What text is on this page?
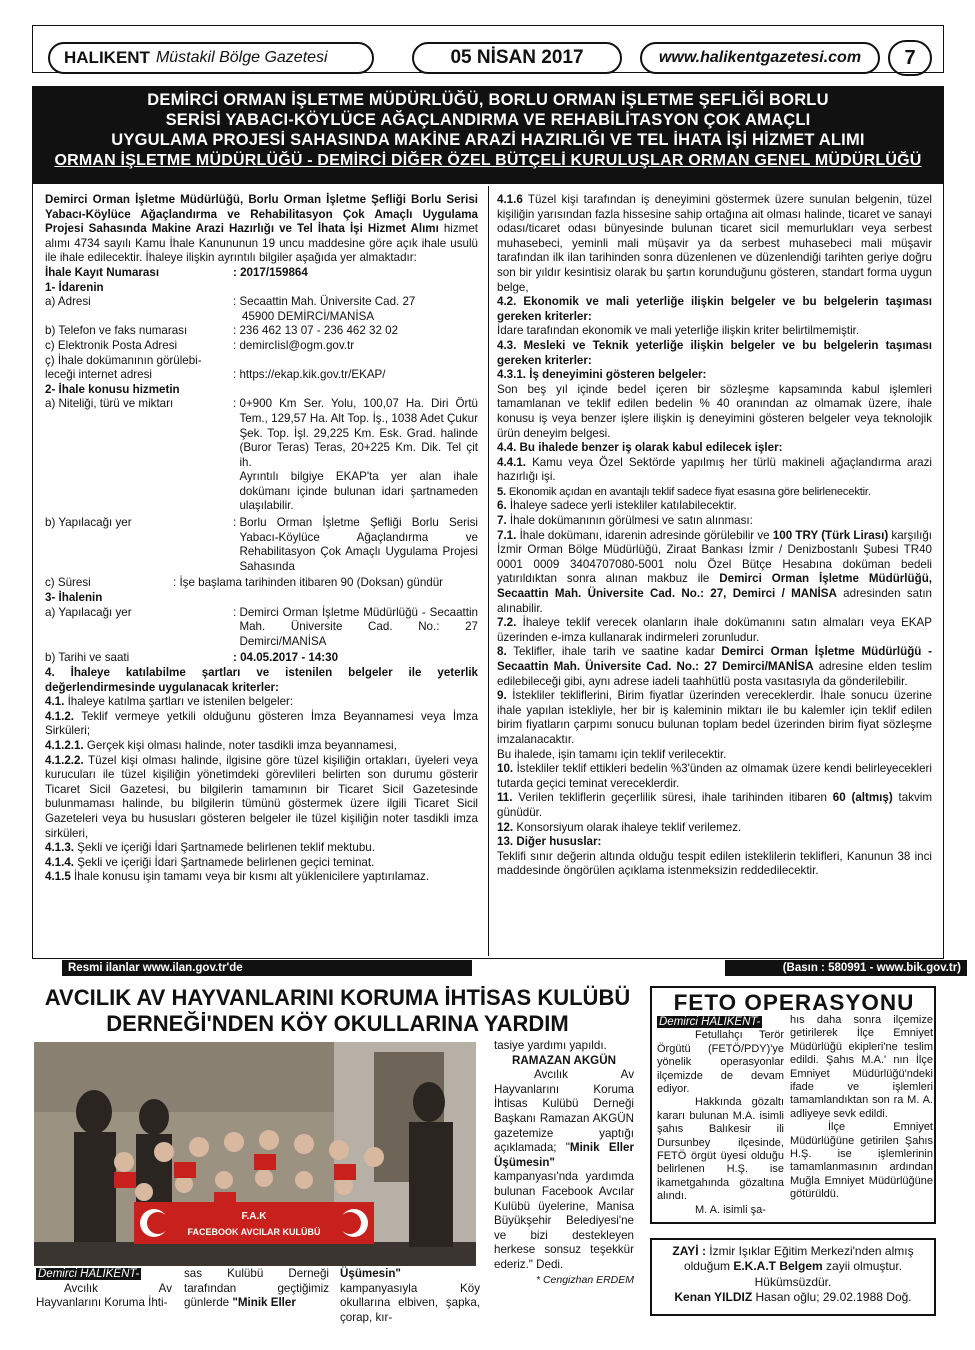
HALIKENT Müstakil Bölge Gazetesi	05 NİSAN 2017	www.halikentgazetesi.com	7
DEMİRCİ ORMAN İŞLETME MÜDÜRLÜĞÜ, BORLU ORMAN İŞLETME ŞEFLİĞİ BORLU
SERİSİ YABACI-KÖYLÜCE AĞAÇLANDIRMA VE REHABİLİTASYON ÇOK AMAÇLI
UYGULAMA PROJESİ SAHASINDA MAKİNE ARAZİ HAZIRLIĞI VE TEL İHATA İŞİ HİZMET ALIMI
ORMAN İŞLETME MÜDÜRLÜĞÜ - DEMİRCİ DİĞER ÖZEL BÜTÇELİ KURULUŞLAR ORMAN GENEL MÜDÜRLÜĞÜ

Demirci Orman İşletme Müdürlüğü, Borlu Orman İşletme Şefliği Borlu Serisi Yabacı-Köylüce Ağaçlandırma ve Rehabilitasyon Çok Amaçlı Uygulama Projesi Sahasında Makine Arazi Hazırlığı ve Tel İhata İşi Hizmet Alımı hizmet alımı 4734 sayılı Kamu İhale Kanununun 19 uncu maddesine göre açık ihale usulü ile ihale edilecektir. İhaleye ilişkin ayrıntılı bilgiler aşağıda yer almaktadır:

İhale Kayıt Numarası	: 2017/159864
1- İdarenin
a) Adresi	: Secaattin Mah. Üniversite Cad. 27
45900 DEMİRCİ/MANİSA
b) Telefon ve faks numarası	: 236 462 13 07 - 236 462 32 02
c) Elektronik Posta Adresi	: demircIisl@ogm.gov.tr
ç) İhale dokümanının görülebi-
leceği internet adresi	: https://ekap.kik.gov.tr/EKAP/
2- İhale konusu hizmetin
a) Niteliği, türü ve miktarı	: 0+900 Km Ser. Yolu, 100,07 Ha. Diri Örtü Tem., 129,57 Ha. Alt Top. İş., 1038 Adet Çukur Şek. Top. İşl. 29,225 Km. Esk. Grad. halinde (Buror Teras) Teras, 20+225 Km. Dik. Tel çit ih.
Ayrıntılı bilgiye EKAP'ta yer alan ihale dokümanı içinde bulunan idari şartnameden ulaşılabilir.
b) Yapılacağı yer	: Borlu Orman İşletme Şefliği Borlu Serisi Yabacı-Köylüce Ağaçlandırma ve Rehabilitasyon Çok Amaçlı Uygulama Projesi Sahasında
c) Süresi	: İşe başlama tarihinden itibaren 90 (Doksan) gündür
3- İhalenin
a) Yapılacağı yer	: Demirci Orman İşletme Müdürlüğü - Secaattin Mah. Üniversite Cad. No.: 27 Demirci/MANİSA
b) Tarihi ve saati	: 04.05.2017 - 14:30
4. İhaleye katılabilme şartları ve istenilen belgeler ile yeterlik değerlendirmesinde uygulanacak kriterler:

4.1. İhaleye katılma şartları ve istenilen belgeler:

4.1.2. Teklif vermeye yetkili olduğunu gösteren İmza Beyannamesi veya İmza Sirküleri;

4.1.2.1. Gerçek kişi olması halinde, noter tasdikli imza beyannamesi,

4.1.2.2. Tüzel kişi olması halinde, ilgisine göre tüzel kişiliğin ortakları, üyeleri veya kurucuları ile tüzel kişiliğin yönetimdeki görevlileri belirten son durumu gösterir Ticaret Sicil Gazetesi, bu bilgilerin tamamının bir Ticaret Sicil Gazetesinde bulunmaması halinde, bu bilgilerin tümünü göstermek üzere ilgili Ticaret Sicil Gazeteleri veya bu hususları gösteren belgeler ile tüzel kişiliğin noter tasdikli imza sirküleri,

4.1.3. Şekli ve içeriği İdari Şartnamede belirlenen teklif mektubu.

4.1.4. Şekli ve içeriği İdari Şartnamede belirlenen geçici teminat.

4.1.5 İhale konusu işin tamamı veya bir kısmı alt yüklenicilere yaptırılamaz.

4.1.6 Tüzel kişi tarafından iş deneyimini göstermek üzere sunulan belgenin, tüzel kişiliğin yarısından fazla hissesine sahip ortağına ait olması halinde, ticaret ve sanayi odası/ticaret odası bünyesinde bulunan ticaret sicil memurlukları veya serbest muhasebeci, yeminli mali müşavir ya da serbest muhasebeci mali müşavir tarafından ilk ilan tarihinden sonra düzenlenen ve düzenlendiği tarihten geriye doğru son bir yıldır kesintisiz olarak bu şartın korunduğunu gösteren, standart forma uygun belge,

4.2. Ekonomik ve mali yeterliğe ilişkin belgeler ve bu belgelerin taşıması gereken kriterler:

İdare tarafından ekonomik ve mali yeterliğe ilişkin kriter belirtilmemiştir.

4.3. Mesleki ve Teknik yeterliğe ilişkin belgeler ve bu belgelerin taşıması gereken kriterler:
4.3.1. İş deneyimini gösteren belgeler:

Son beş yıl içinde bedel içeren bir sözleşme kapsamında kabul işlemleri tamamlanan ve teklif edilen bedelin % 40 oranından az olmamak üzere, ihale konusu iş veya benzer işlere ilişkin iş deneyimini gösteren belgeler veya teknolojik ürün deneyim belgesi.

4.4. Bu ihalede benzer iş olarak kabul edilecek işler:

4.4.1. Kamu veya Özel Sektörde yapılmış her türlü makineli ağaçlandırma arazi hazırlığı işi.

5. Ekonomik açıdan en avantajlı teklif sadece fiyat esasına göre belirlenecektir.

6. İhaleye sadece yerli istekliler katılabilecektir.

7. İhale dokümanının görülmesi ve satın alınması:

7.1. İhale dokümanı, idarenin adresinde görülebilir ve 100 TRY (Türk Lirası) karşılığı İzmir Orman Bölge Müdürlüğü, Ziraat Bankası İzmir / Denizbostanlı Şubesi TR40 0001 0009 3404707080-5001 nolu Özel Bütçe Hesabına doküman bedeli yatırıldıktan sonra alınan makbuz ile Demirci Orman İşletme Müdürlüğü, Secaattin Mah. Üniversite Cad. No.: 27, Demirci / MANİSA adresinden satın alınabilir.

7.2. İhaleye teklif verecek olanların ihale dokümanını satın almaları veya EKAP üzerinden e-imza kullanarak indirmeleri zorunludur.

8. Teklifler, ihale tarih ve saatine kadar Demirci Orman İşletme Müdürlüğü - Secaattin Mah. Üniversite Cad. No.: 27 Demirci/MANİSA adresine elden teslim edilebileceği gibi, aynı adrese iadeli taahhütlü posta vasıtasıyla da gönderilebilir.

9. İstekliler tekliflerini, Birim fiyatlar üzerinden vereceklerdir. İhale sonucu üzerine ihale yapılan istekliyle, her bir iş kaleminin miktarı ile bu kalemler için teklif edilen birim fiyatların çarpımı sonucu bulunan toplam bedel üzerinden birim fiyat sözleşme imzalanacaktır.

Bu ihalede, işin tamamı için teklif verilecektir.

10. İstekliler teklif ettikleri bedelin %3'ünden az olmamak üzere kendi belirleyecekleri tutarda geçici teminat vereceklerdir.

11. Verilen tekliflerin geçerlilik süresi, ihale tarihinden itibaren 60 (altmış) takvim günüdür.

12. Konsorsiyum olarak ihaleye teklif verilemez.

13. Diğer hususlar:

Teklifi sınır değerin altında olduğu tespit edilen isteklilerin teklifleri, Kanunun 38 inci maddesinde öngörülen açıklama istenmeksizin reddedilecektir.

Resmi ilanlar www.ilan.gov.tr'de	(Basın : 580991 - www.bik.gov.tr)
AVCILIK AV HAYVANLARINI KORUMA İHTİSAS KULÜBÜ
DERNEĞİ'NDEN KÖY OKULLARINA YARDIM
F.A.K
FACEBOOK AVCILAR KULÜBÜ
Demirci HALIKENT-
Avcılık Av Hayvanlarını Koruma İhti-
sas Kulübü Derneği tarafından geçtiğimiz günlerde "Minik Eller
Üşümesin" kampanyasıyla Köy okullarına elbiven, şapka, çorap, kır-
tasiye yardımı yapıldı.

RAMAZAN AKGÜN
Avcılık Av Hayvanlarını Koruma İhtisas Kulübü Derneği Başkanı Ramazan AKGÜN gazetemize yaptığı açıklamada; "Minik Eller Üşümesin" kampanyası'nda yardımda bulunan Facebook Avcılar Kulübü üyelerine, Manisa Büyükşehir Belediyesi'ne ve bizi destekleyen herkese sonsuz teşekkür ederiz." Dedi.

* Cengizhan ERDEM
FETO OPERASYONU
Demirci HALIKENT-

Fetullahçı Terör Örgütü (FETÖ/PDY)'ye yönelik operasyonlar ilçemizde de devam ediyor.
Hakkında gözaltı kararı bulunan M.A. isimli şahıs Balıkesir ili Dursunbey ilçesinde, FETÖ örgüt üyesi olduğu belirlenen H.Ş. ise ikametgahında gözaltına alındı.
M. A. isimli şa-
hıs daha sonra ilçemize getirilerek İlçe Emniyet Müdürlüğü ekipleri'ne teslim edildi. Şahıs M.A.' nın İlçe Emniyet Müdürlüğü'ndeki ifade ve işlemleri tamamlandıktan son ra M. A. adliyeye sevk edildi.
İlçe Emniyet Müdürlüğüne getirilen Şahıs H.Ş. ise işlemlerinin tamamlanmasının ardından Muğla Emniyet Müdürlüğüne götürüldü.
ZAYİ : İzmir Işıklar Eğitim Merkezi'nden almış olduğum E.K.A.T Belgem zayii olmuştur.
Hükümsüzdür.
Kenan YILDIZ Hasan oğlu; 29.02.1988 Doğ.
